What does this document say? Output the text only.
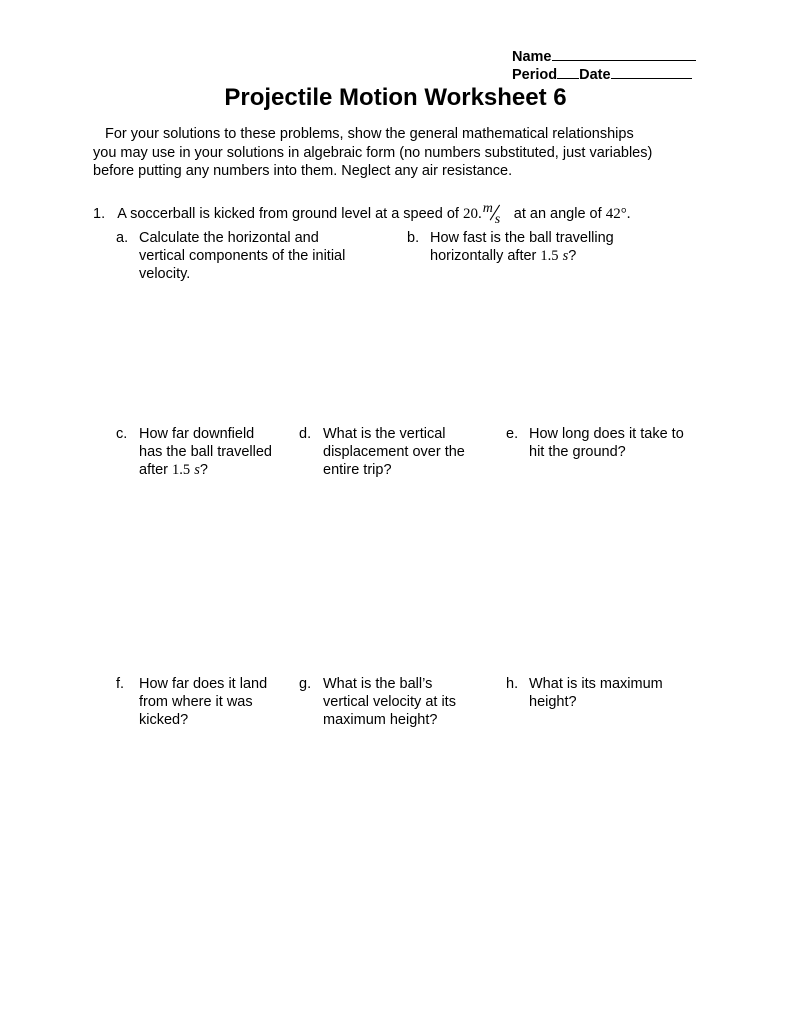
Name
Period Date
Projectile Motion Worksheet 6

For your solutions to these problems, show the general mathematical relationships

you may use in your solutions in algebraic form (no numbers substituted, just variables)

before putting any numbers into them. Neglect any air resistance.

1. A soccerball is kicked from ground level at a speed of 20. m
s at an angle of 42°.
a. Calculate the horizontal and
vertical components of the initial
velocity.
b. How fast is the ball travelling
horizontally after 1.5 s?
c. How far downfield
has the ball travelled
after 1.5 s?
d. What is the vertical
displacement over the
entire trip?
e. How long does it take to
hit the ground?
f. How far does it land
from where it was
kicked?
g. What is the ball’s
vertical velocity at its
maximum height?
h. What is its maximum
height?
